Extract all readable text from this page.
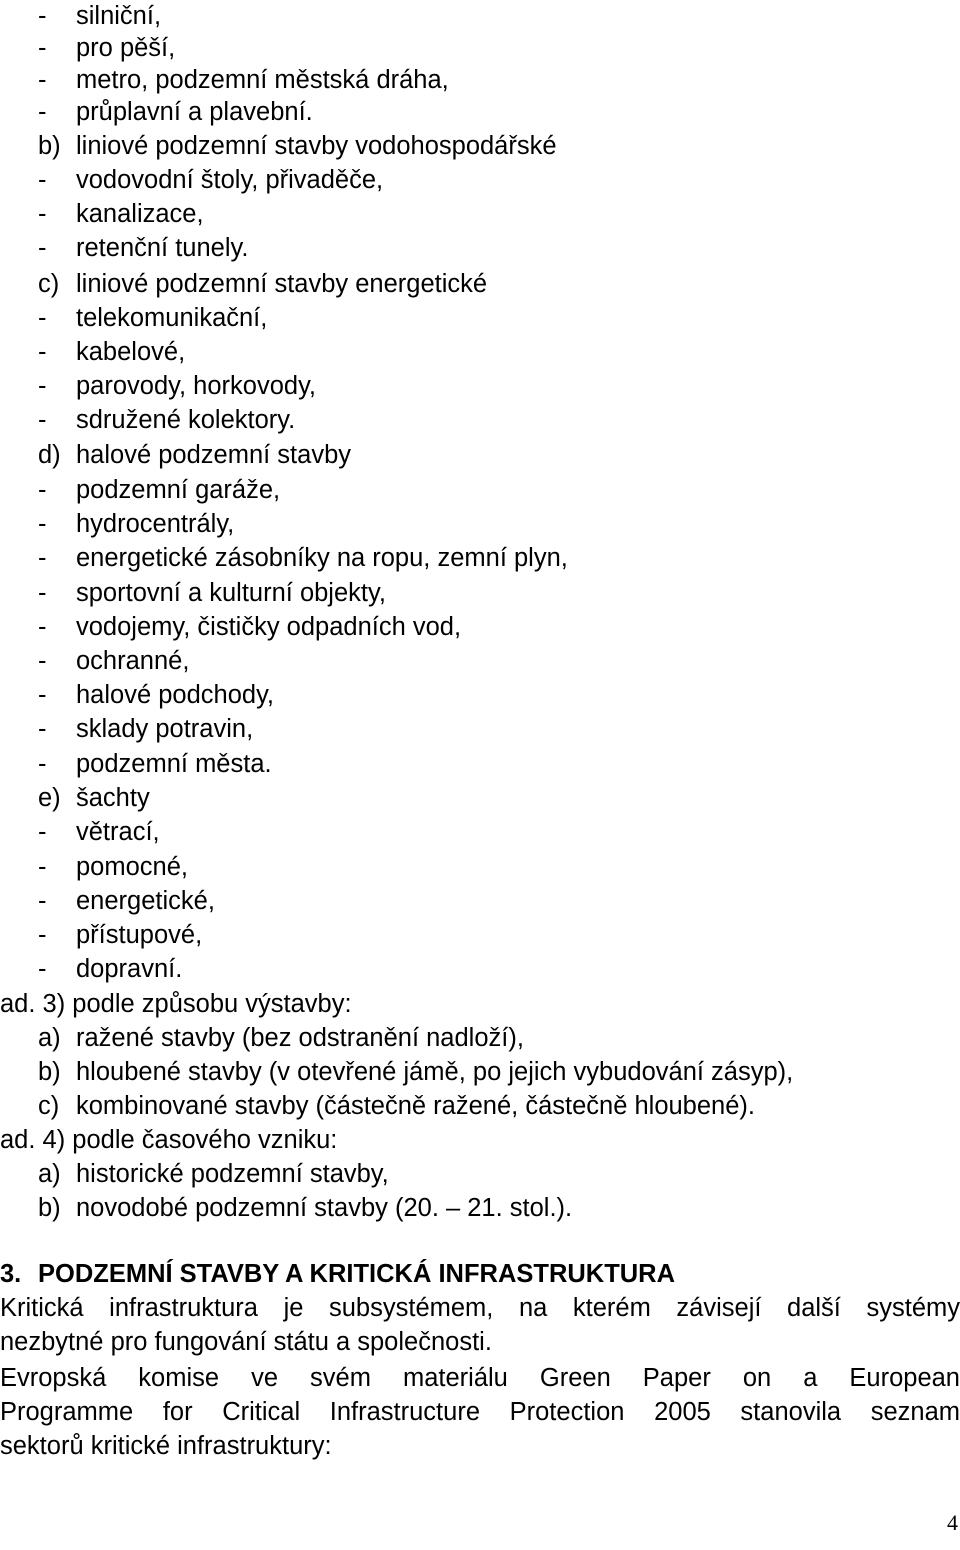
- silniční,
- pro pěší,
- metro, podzemní městská dráha,
- průplavní a plavební.
b) liniové podzemní stavby vodohospodářské
- vodovodní štoly, přivaděče,
- kanalizace,
- retenční tunely.
c) liniové podzemní stavby energetické
- telekomunikační,
- kabelové,
- parovody, horkovody,
- sdružené kolektory.
d) halové podzemní stavby
- podzemní garáže,
- hydrocentrály,
- energetické zásobníky na ropu, zemní plyn,
- sportovní a kulturní objekty,
- vodojemy, čističky odpadních vod,
- ochranné,
- halové podchody,
- sklady potravin,
- podzemní města.
e) šachty
- větrací,
- pomocné,
- energetické,
- přístupové,
- dopravní.
ad. 3) podle způsobu výstavby:
a) ražené stavby (bez odstranění nadloží),
b) hloubené stavby (v otevřené jámě, po jejich vybudování zásyp),
c) kombinované stavby (částečně ražené, částečně hloubené).
ad. 4) podle časového vzniku:
a) historické podzemní stavby,
b) novodobé podzemní stavby (20. – 21. stol.).
3. PODZEMNÍ STAVBY A KRITICKÁ INFRASTRUKTURA
Kritická infrastruktura je subsystémem, na kterém závisejí další systémy
nezbytné pro fungování státu a společnosti.
Evropská komise ve svém materiálu Green Paper on a European
Programme for Critical Infrastructure Protection 2005 stanovila seznam
sektorů kritické infrastruktury:
4
